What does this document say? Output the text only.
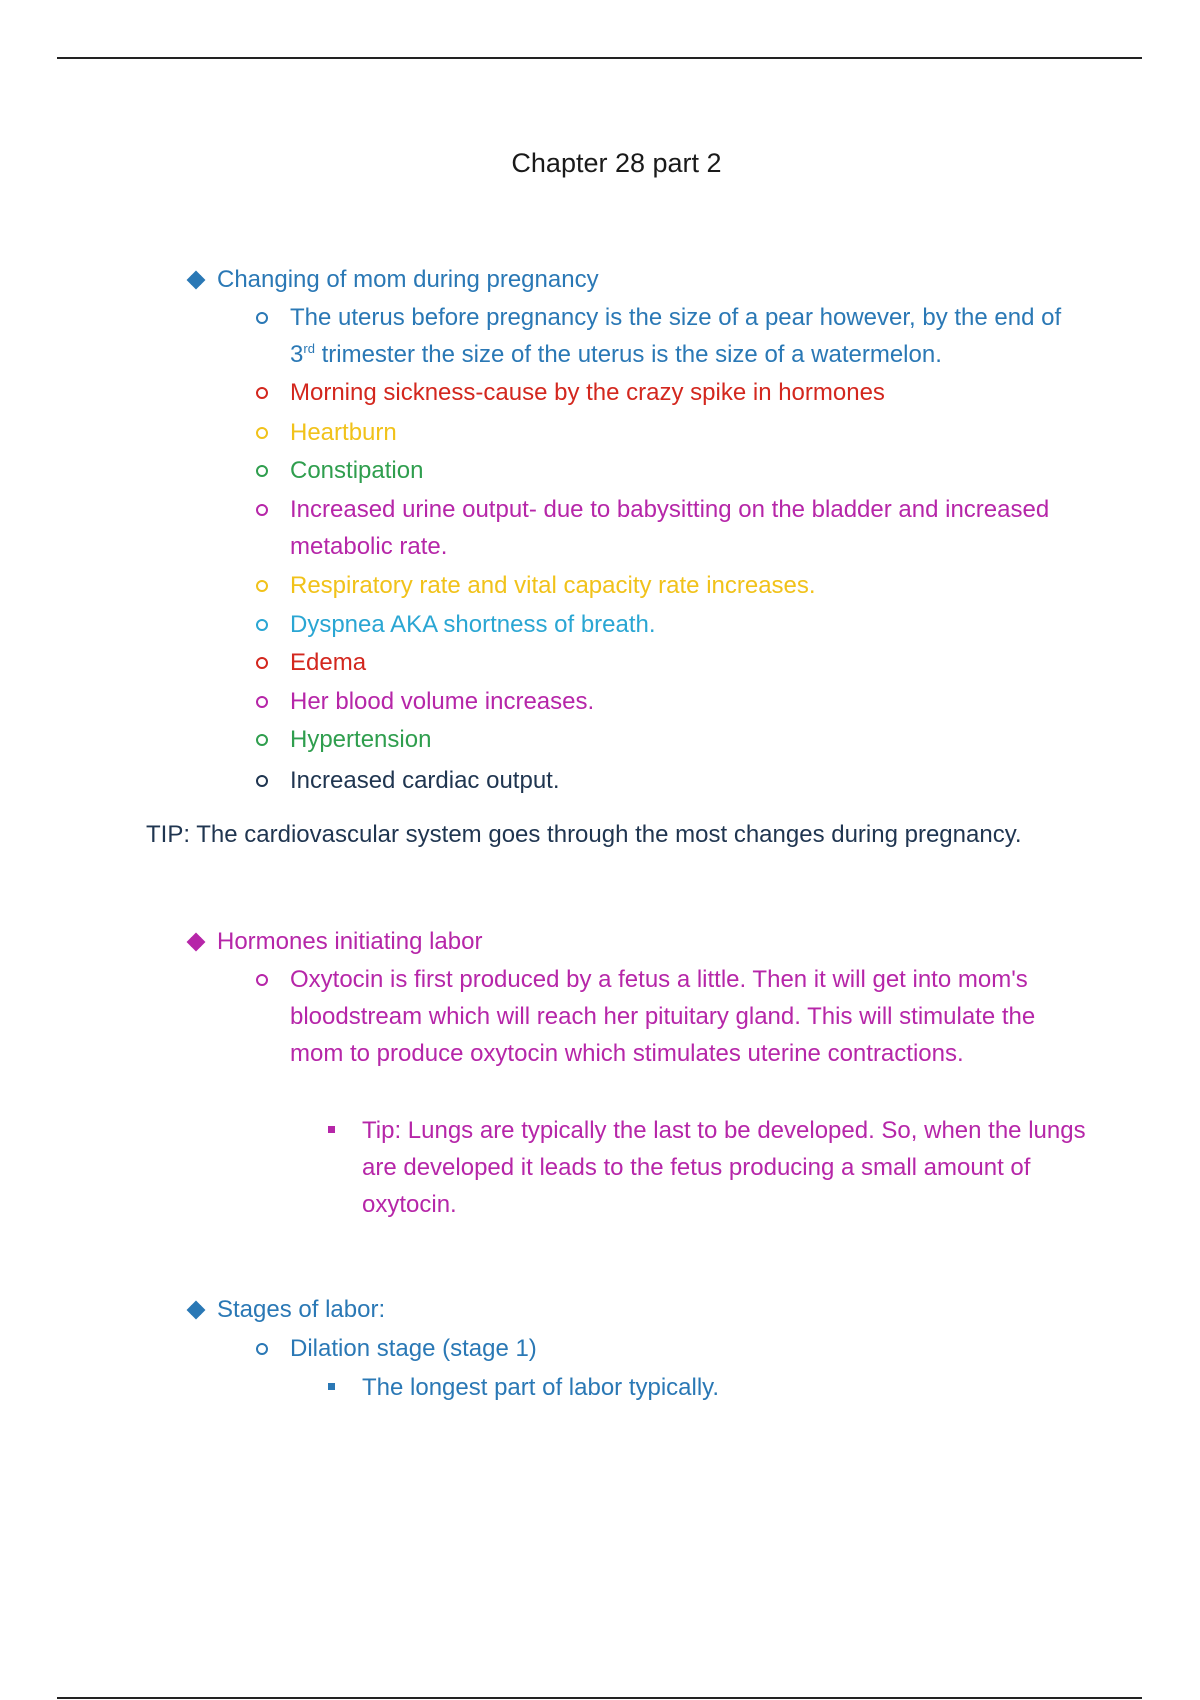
Chapter 28 part 2
Changing of mom during pregnancy
The uterus before pregnancy is the size of a pear however, by the end of 3rd trimester the size of the uterus is the size of a watermelon.
Morning sickness-cause by the crazy spike in hormones
Heartburn
Constipation
Increased urine output- due to babysitting on the bladder and increased metabolic rate.
Respiratory rate and vital capacity rate increases.
Dyspnea AKA shortness of breath.
Edema
Her blood volume increases.
Hypertension
Increased cardiac output.
TIP: The cardiovascular system goes through the most changes during pregnancy.
Hormones initiating labor
Oxytocin is first produced by a fetus a little. Then it will get into mom's bloodstream which will reach her pituitary gland. This will stimulate the mom to produce oxytocin which stimulates uterine contractions.
Tip: Lungs are typically the last to be developed. So, when the lungs are developed it leads to the fetus producing a small amount of oxytocin.
Stages of labor:
Dilation stage (stage 1)
The longest part of labor typically.
